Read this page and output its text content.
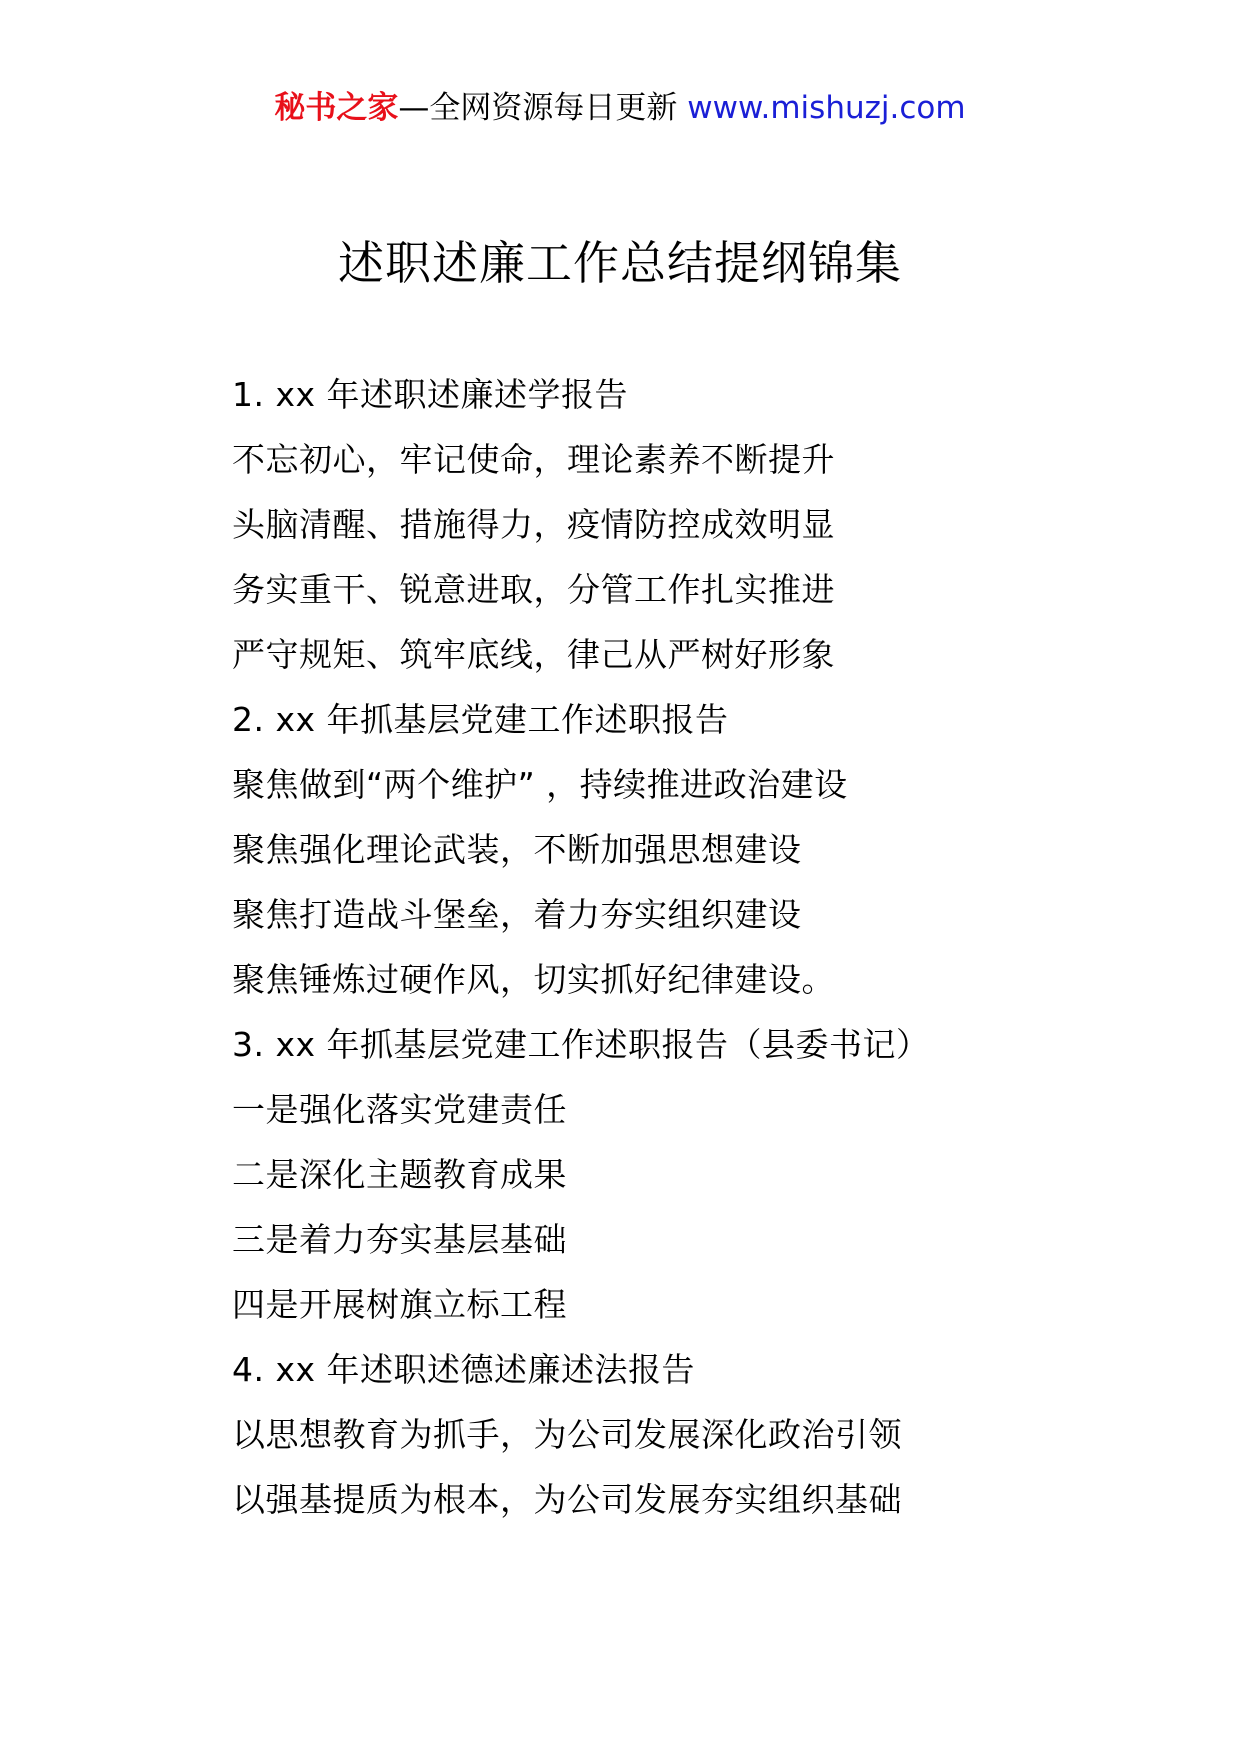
秘书之家—全网资源每日更新 www.mishuzj.com
述职述廉工作总结提纲锦集
1. xx 年述职述廉述学报告
不忘初心，牢记使命，理论素养不断提升
头脑清醒、措施得力，疫情防控成效明显
务实重干、锐意进取，分管工作扎实推进
严守规矩、筑牢底线，律己从严树好形象
2. xx 年抓基层党建工作述职报告
聚焦做到“两个维护” ，持续推进政治建设
聚焦强化理论武装，不断加强思想建设
聚焦打造战斗堡垒，着力夯实组织建设
聚焦锤炼过硬作风，切实抓好纪律建设。
3. xx 年抓基层党建工作述职报告（县委书记）
一是强化落实党建责任
二是深化主题教育成果
三是着力夯实基层基础
四是开展树旗立标工程
4. xx 年述职述德述廉述法报告
以思想教育为抓手，为公司发展深化政治引领
以强基提质为根本，为公司发展夯实组织基础
